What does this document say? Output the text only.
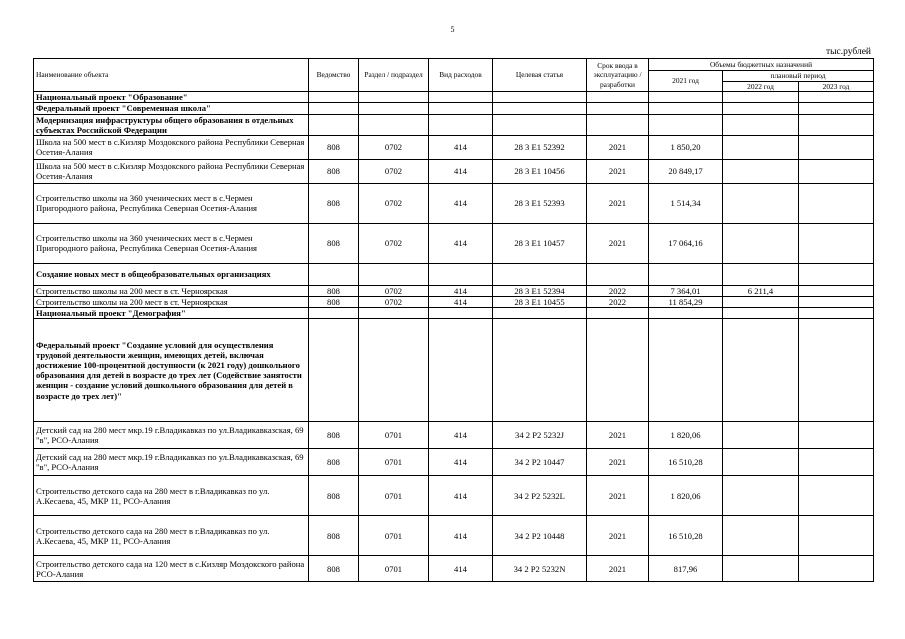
5
тыс.рублей
Наименование объекта	Ведомство	Раздел / подраздел	Вид расходов	Целевая статья	Срок ввода в эксплуатацию / разработки	Объемы бюджетных назначений		
						2021 год	плановый период	
							2022 год	2023 год
Национальный проект "Образование"								
Федеральный проект "Современная школа"								
Модернизация инфраструктуры общего образования в отдельных субъектах Российской Федерации								
Школа на 500 мест в с.Кизляр Моздокского района Республики Северная Осетия-Алания	808	0702	414	28 3 E1 52392	2021	1 850,20		
Школа на 500 мест в с.Кизляр Моздокского района Республики Северная Осетия-Алания	808	0702	414	28 3 E1 10456	2021	20 849,17		
Строительство школы на 360 ученических мест в с.Чермен Пригородного района, Республика Северная Осетия-Алания	808	0702	414	28 3 E1 52393	2021	1 514,34		
Строительство школы на 360 ученических мест в с.Чермен Пригородного района, Республика Северная Осетия-Алания	808	0702	414	28 3 E1 10457	2021	17 064,16		
Создание новых мест в общеобразовательных организациях								
Строительство школы на 200 мест в ст. Черноярская	808	0702	414	28 3 E1 52394	2022	7 364,01	6 211,4	
Строительство школы на 200 мест в ст. Черноярская	808	0702	414	28 3 E1 10455	2022	11 854,29		
Национальный проект "Демография"								
Федеральный проект "Создание условий для осуществления трудовой деятельности женщин, имеющих детей, включая достижение 100-процентной доступности (к 2021 году) дошкольного образования для детей в возрасте до трех лет (Содействие занятости женщин - создание условий дошкольного образования для детей в возрасте до трех лет)"								
Детский сад на 280 мест мкр.19 г.Владикавказ по ул.Владикавказская, 69 "в", РСО-Алания	808	0701	414	34 2 P2 5232J	2021	1 820,06		
Детский сад на 280 мест мкр.19 г.Владикавказ по ул.Владикавказская, 69 "в", РСО-Алания	808	0701	414	34 2 P2 10447	2021	16 510,28		
Строительство детского сада на 280 мест в г.Владикавказ по ул. А.Кесаева, 45, МКР 11, РСО-Алания	808	0701	414	34 2 P2 5232L	2021	1 820,06		
Строительство детского сада на 280 мест в г.Владикавказ по ул. А.Кесаева, 45, МКР 11, РСО-Алания	808	0701	414	34 2 P2 10448	2021	16 510,28		
Строительство детского сада на 120 мест в с.Кизляр Моздокского района РСО-Алания	808	0701	414	34 2 P2 5232N	2021	817,96		
